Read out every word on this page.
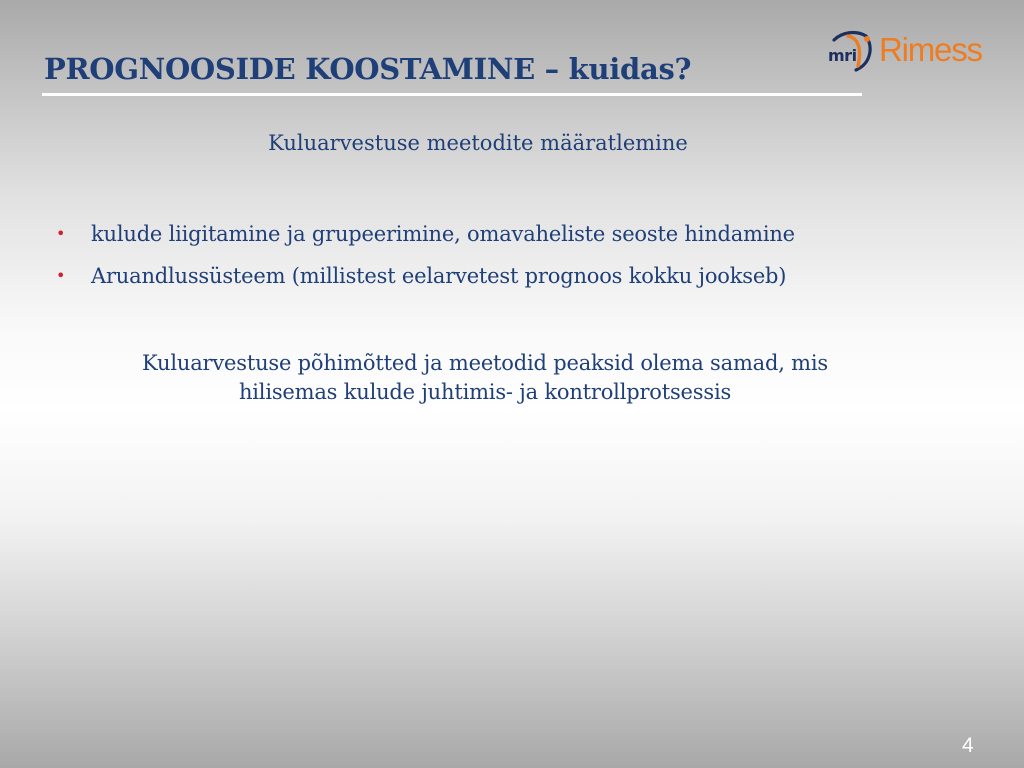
PROGNOOSIDE KOOSTAMINE – kuidas?	mri Rimess
Kuluarvestuse meetodite määratlemine
• kulude liigitamine ja grupeerimine, omavaheliste seoste hindamine
• Aruandlussüsteem (millistest eelarvetest prognoos kokku jookseb)

Kuluarvestuse põhimõtted ja meetodid peaksid olema samad, mis
hilisemas kulude juhtimis- ja kontrollprotsessis

4
